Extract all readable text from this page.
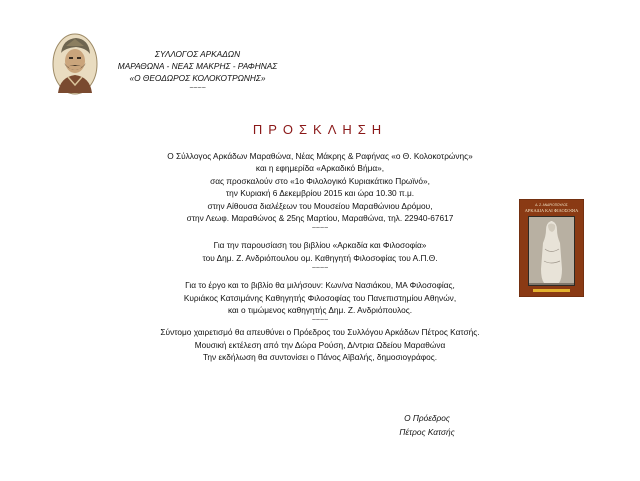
ΣΥΛΛΟΓΟΣ ΑΡΚΑΔΩΝ
ΜΑΡΑΘΩΝΑ - ΝΕΑΣ ΜΑΚΡΗΣ - ΡΑΦΗΝΑΣ
«Ο ΘΕΟΔΩΡΟΣ ΚΟΛΟΚΟΤΡΩΝΗΣ»
~~~~
ΠΡΟΣΚΛΗΣΗ
Ο Σύλλογος Αρκάδων Μαραθώνα, Νέας Μάκρης & Ραφήνας «ο Θ. Κολοκοτρώνης»
και η εφημερίδα «Αρκαδικό Βήμα»,
σας προσκαλούν στο «1ο Φιλολογικό Κυριακάτικο Πρωϊνό»,
την Κυριακή 6 Δεκεμβρίου 2015 και ώρα 10.30 π.μ.
στην Αίθουσα διαλέξεων του Μουσείου Μαραθώνιου Δρόμου,
στην Λεωφ. Μαραθώνος & 25ης Μαρτίου, Μαραθώνα, τηλ. 22940-67617
~~~~
Για την παρουσίαση του βιβλίου «Αρκαδία και Φιλοσοφία»
του Δημ. Ζ. Ανδριόπουλου ομ. Καθηγητή Φιλοσοφίας του Α.Π.Θ.
~~~~
Για το έργο και το βιβλίο θα μιλήσουν: Κων/να Νασιάκου, ΜΑ Φιλοσοφίας,
Κυριάκος Κατσιμάνης Καθηγητής Φιλοσοφίας του Πανεπιστημίου Αθηνών,
και ο τιμώμενος καθηγητής Δημ. Ζ. Ανδριόπουλος.
~~~~
Σύντομο χαιρετισμό θα απευθύνει ο Πρόεδρος του Συλλόγου Αρκάδων Πέτρος Κατσής.
Μουσική εκτέλεση από την Δώρα Ρούση, Δ/ντρια Ωδείου Μαραθώνα
Την εκδήλωση θα συντονίσει ο Πάνος Αϊβαλής, δημοσιογράφος.
Δ. Ζ. ΑΝΔΡΙΟΠΟΥΛΟΣ
ΑΡΚΑΔΙΑ ΚΑΙ ΦΙΛΟΣΟΦΙΑ
Ο Πρόεδρος
Πέτρος Κατσής
